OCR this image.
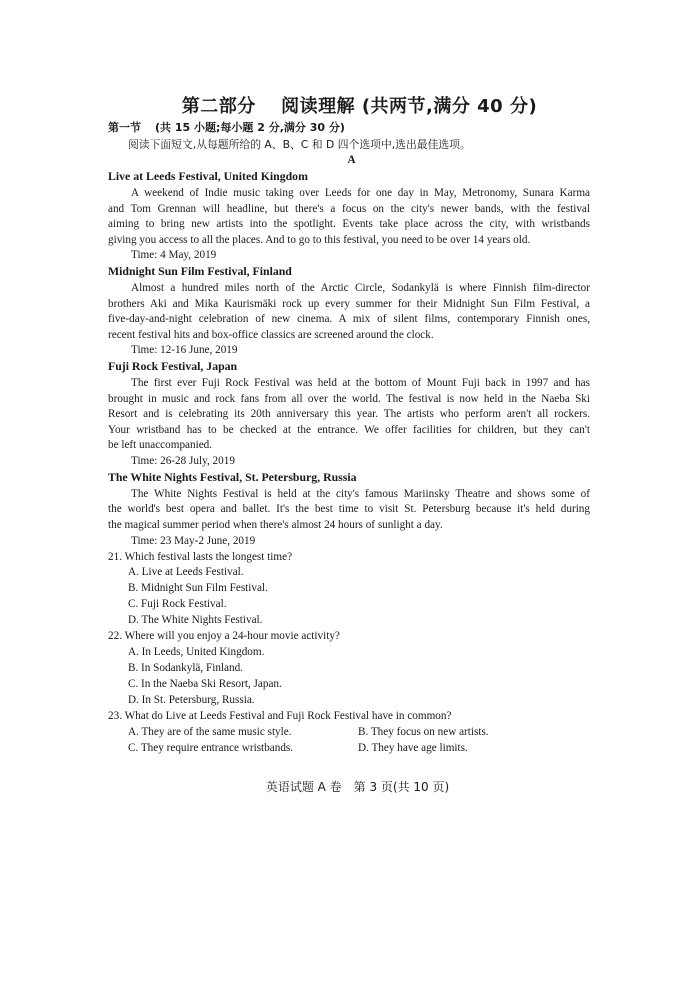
第二部分　 阅读理解 (共两节,满分 40 分)
第一节 (共 15 小题;每小题 2 分,满分 30 分)
阅读下面短文,从每题所给的 A、B、C 和 D 四个选项中,选出最佳选项。
A
Live at Leeds Festival, United Kingdom
A weekend of Indie music taking over Leeds for one day in May, Metronomy, Sunara Karma
and Tom Grennan will headline, but there's a focus on the city's newer bands, with the festival
aiming to bring new artists into the spotlight. Events take place across the city, with wristbands
giving you access to all the places. And to go to this festival, you need to be over 14 years old.
Time: 4 May, 2019
Midnight Sun Film Festival, Finland
Almost a hundred miles north of the Arctic Circle, Sodankylä is where Finnish film-director
brothers Aki and Mika Kaurismäki rock up every summer for their Midnight Sun Film Festival, a
five-day-and-night celebration of new cinema. A mix of silent films, contemporary Finnish ones,
recent festival hits and box-office classics are screened around the clock.
Time: 12-16 June, 2019
Fuji Rock Festival, Japan
The first ever Fuji Rock Festival was held at the bottom of Mount Fuji back in 1997 and has
brought in music and rock fans from all over the world. The festival is now held in the Naeba Ski
Resort and is celebrating its 20th anniversary this year. The artists who perform aren't all rockers.
Your wristband has to be checked at the entrance. We offer facilities for children, but they can't
be left unaccompanied.
Time: 26-28 July, 2019
The White Nights Festival, St. Petersburg, Russia
The White Nights Festival is held at the city's famous Mariinsky Theatre and shows some of
the world's best opera and ballet. It's the best time to visit St. Petersburg because it's held during
the magical summer period when there's almost 24 hours of sunlight a day.
Time: 23 May-2 June, 2019
21. Which festival lasts the longest time?
A. Live at Leeds Festival.
B. Midnight Sun Film Festival.
C. Fuji Rock Festival.
D. The White Nights Festival.
22. Where will you enjoy a 24-hour movie activity?
A. In Leeds, United Kingdom.
B. In Sodankylä, Finland.
C. In the Naeba Ski Resort, Japan.
D. In St. Petersburg, Russia.
23. What do Live at Leeds Festival and Fuji Rock Festival have in common?
A. They are of the same music style.	B. They focus on new artists.
C. They require entrance wristbands.	D. They have age limits.
英语试题 A 卷　第 3 页(共 10 页)
